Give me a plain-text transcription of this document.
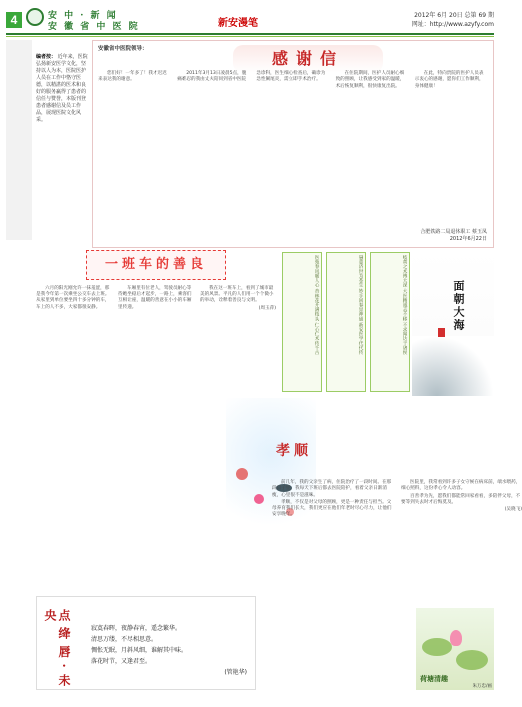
4	安 中 · 新 闻
安 徽 省 中 医 院	新安漫笔
2012年 6月 20日 总第 69 期
网址：http://www.azyfy.com
编者按： 近年来，医院弘扬新安医学文化，坚持以人为本，医院医护人员在工作中恪守医德，以精湛的医术和良好的服务赢得了患者的信任与赞誉，本版刊登患者感谢信及员工作品，展现医院文化风采。
安徽省中医院领导：	感谢信

您们好！一年多了！我才迟迟来表达我的谢意。

2011年3月13日凌晨5点，腹痛难忍的我由丈夫陪同到省中医院急诊科，医生细心检查后，确诊为急性阑尾炎，需立即手术治疗。

在住院期间，医护人员耐心细致的照顾，让我感受到家的温暖，术后恢复顺利，很快康复出院。

在此，特向贵院的医护人员表示衷心的感谢，愿你们工作顺利，身体健康！

合肥铁路二局退休职工 蔡玉凤
2012年6月22日
一班车的善良

六月的阳光刚允许一抹羞涩，那是我今年第一次乘坐公交车去上班。从家里到单位要坐四十多分钟的车，车上的人不多，大家都很安静。

车厢里有位老人，驾驶员耐心等待她坐稳后才起步，一路上，乘客们互相让座，温暖的善意在小小的车厢里传递。

我在这一班车上，看到了城市最美的风景。平凡的人们用一个个微小的举动，诠释着善良与文明。

(周玉萍)	医苑春风暖人心 杏林花开满枝头 仁心仁术传千古	悬壶济世为苍生 妙手回春显神通 新安医学代代传	岐黄之术博大深 大医精诚志不移 不求闻达于诸侯	面朝大海
孝顺

前几年，我的父亲生了病，住院治疗了一段时间。在那段日子里，我每天下班后都去医院陪护，看着父亲日渐消瘦，心里很不是滋味。

孝顺，不仅是对父母的照顾，更是一种责任与担当。父母养育我们长大，我们更应在他们年老时尽心尽力，让他们安享晚年。

医院里，我常看到许多子女守候在病床前，端水喂药，细心照料，这份孝心令人动容。

百善孝为先，愿我们都能常回家看看，多陪伴父母，不要等到失去时才后悔莫及。

(吴晓飞)

点 绛 唇 · 未 央
寂寞春晖，夜静春宵，遥念繁华。
清思万缕，不尽相思意。
惆怅无眠，月斜风细，谁解其中味。
落花时节，又逢君至。
(管艳华)
荷塘清趣
朱万忠/画
